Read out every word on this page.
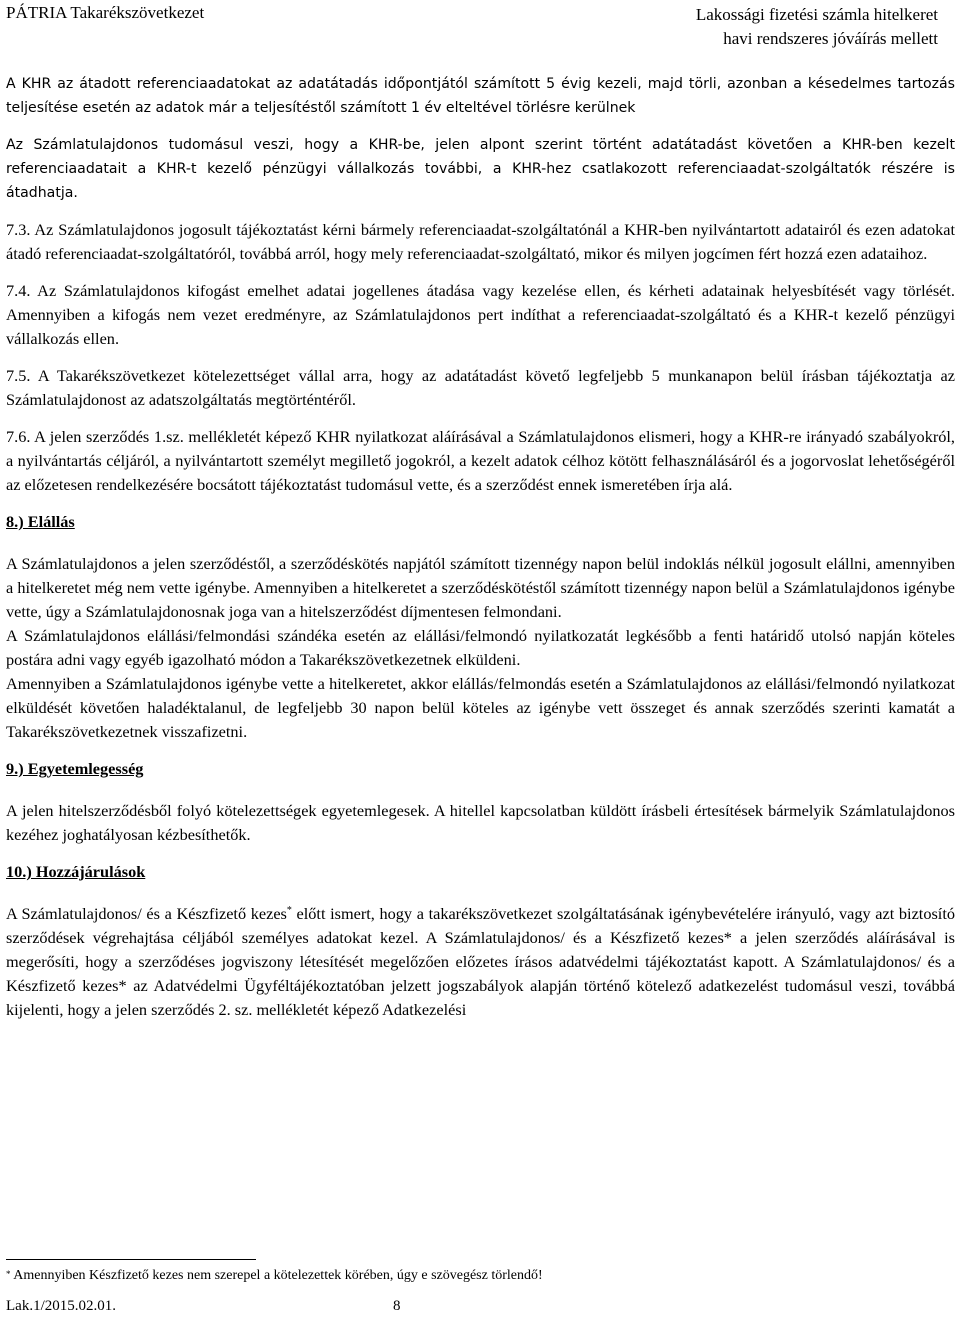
PÁTRIA Takarékszövetkezet	Lakossági fizetési számla hitelkeret
havi rendszeres jóváírás mellett

A KHR az átadott referenciaadatokat az adatátadás időpontjától számított 5 évig kezeli, majd törli, azonban a késedelmes tartozás teljesítése esetén az adatok már a teljesítéstől számított 1 év elteltével törlésre kerülnek

Az Számlatulajdonos tudomásul veszi, hogy a KHR-be, jelen alpont szerint történt adatátadást követően a KHR-ben kezelt referenciaadatait a KHR-t kezelő pénzügyi vállalkozás további, a KHR-hez csatlakozott referenciaadat-szolgáltatók részére is átadhatja.

7.3. Az Számlatulajdonos jogosult tájékoztatást kérni bármely referenciaadat-szolgáltatónál a KHR-ben nyilvántartott adatairól és ezen adatokat átadó referenciaadat-szolgáltatóról, továbbá arról, hogy mely referenciaadat-szolgáltató, mikor és milyen jogcímen fért hozzá ezen adataihoz.

7.4. Az Számlatulajdonos kifogást emelhet adatai jogellenes átadása vagy kezelése ellen, és kérheti adatainak helyesbítését vagy törlését. Amennyiben a kifogás nem vezet eredményre, az Számlatulajdonos pert indíthat a referenciaadat-szolgáltató és a KHR-t kezelő pénzügyi vállalkozás ellen.

7.5. A Takarékszövetkezet kötelezettséget vállal arra, hogy az adatátadást követő legfeljebb 5 munkanapon belül írásban tájékoztatja az Számlatulajdonost az adatszolgáltatás megtörténtéről.

7.6. A jelen szerződés 1.sz. mellékletét képező KHR nyilatkozat aláírásával a Számlatulajdonos elismeri, hogy a KHR-re irányadó szabályokról, a nyilvántartás céljáról, a nyilvántartott személyt megillető jogokról, a kezelt adatok célhoz kötött felhasználásáról és a jogorvoslat lehetőségéről az előzetesen rendelkezésére bocsátott tájékoztatást tudomásul vette, és a szerződést ennek ismeretében írja alá.

8.) Elállás

A Számlatulajdonos a jelen szerződéstől, a szerződéskötés napjától számított tizennégy napon belül indoklás nélkül jogosult elállni, amennyiben a hitelkeretet még nem vette igénybe. Amennyiben a hitelkeretet a szerződéskötéstől számított tizennégy napon belül a Számlatulajdonos igénybe vette, úgy a Számlatulajdonosnak joga van a hitelszerződést díjmentesen felmondani.

A Számlatulajdonos elállási/felmondási szándéka esetén az elállási/felmondó nyilatkozatát legkésőbb a fenti határidő utolsó napján köteles postára adni vagy egyéb igazolható módon a Takarékszövetkezetnek elküldeni.

Amennyiben a Számlatulajdonos igénybe vette a hitelkeretet, akkor elállás/felmondás esetén a Számlatulajdonos az elállási/felmondó nyilatkozat elküldését követően haladéktalanul, de legfeljebb 30 napon belül köteles az igénybe vett összeget és annak szerződés szerinti kamatát a Takarékszövetkezetnek visszafizetni.

9.) Egyetemlegesség

A jelen hitelszerződésből folyó kötelezettségek egyetemlegesek. A hitellel kapcsolatban küldött írásbeli értesítések bármelyik Számlatulajdonos kezéhez joghatályosan kézbesíthetők.

10.) Hozzájárulások

A Számlatulajdonos/ és a Készfizető kezes* előtt ismert, hogy a takarékszövetkezet szolgáltatásának igénybevételére irányuló, vagy azt biztosító szerződések végrehajtása céljából személyes adatokat kezel. A Számlatulajdonos/ és a Készfizető kezes* a jelen szerződés aláírásával is megerősíti, hogy a szerződéses jogviszony létesítését megelőzően előzetes írásos adatvédelmi tájékoztatást kapott. A Számlatulajdonos/ és a Készfizető kezes* az Adatvédelmi Ügyféltájékoztatóban jelzett jogszabályok alapján történő kötelező adatkezelést tudomásul veszi, továbbá kijelenti, hogy a jelen szerződés 2. sz. mellékletét képező Adatkezelési

* Amennyiben Készfizető kezes nem szerepel a kötelezettek körében, úgy e szövegész törlendő!
Lak.1/2015.02.01.	8
